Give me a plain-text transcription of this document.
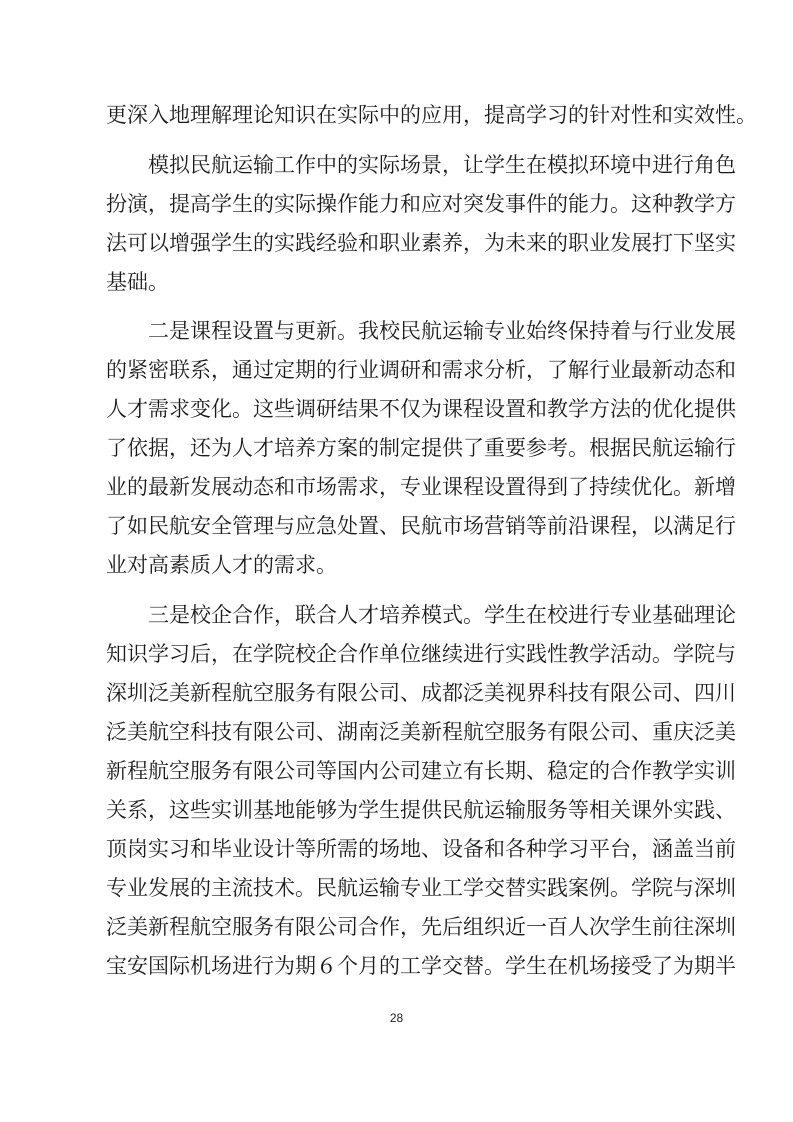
更深入地理解理论知识在实际中的应用，提高学习的针对性和实效性。
模拟民航运输工作中的实际场景，让学生在模拟环境中进行角色
扮演，提高学生的实际操作能力和应对突发事件的能力。这种教学方
法可以增强学生的实践经验和职业素养，为未来的职业发展打下坚实
基础。
二是课程设置与更新。我校民航运输专业始终保持着与行业发展
的紧密联系，通过定期的行业调研和需求分析，了解行业最新动态和
人才需求变化。这些调研结果不仅为课程设置和教学方法的优化提供
了依据，还为人才培养方案的制定提供了重要参考。根据民航运输行
业的最新发展动态和市场需求，专业课程设置得到了持续优化。新增
了如民航安全管理与应急处置、民航市场营销等前沿课程，以满足行
业对高素质人才的需求。
三是校企合作，联合人才培养模式。学生在校进行专业基础理论
知识学习后，在学院校企合作单位继续进行实践性教学活动。学院与
深圳泛美新程航空服务有限公司、成都泛美视界科技有限公司、四川
泛美航空科技有限公司、湖南泛美新程航空服务有限公司、重庆泛美
新程航空服务有限公司等国内公司建立有长期、稳定的合作教学实训
关系，这些实训基地能够为学生提供民航运输服务等相关课外实践、
顶岗实习和毕业设计等所需的场地、设备和各种学习平台，涵盖当前
专业发展的主流技术。民航运输专业工学交替实践案例。学院与深圳
泛美新程航空服务有限公司合作，先后组织近一百人次学生前往深圳
宝安国际机场进行为期６个月的工学交替。学生在机场接受了为期半
28
